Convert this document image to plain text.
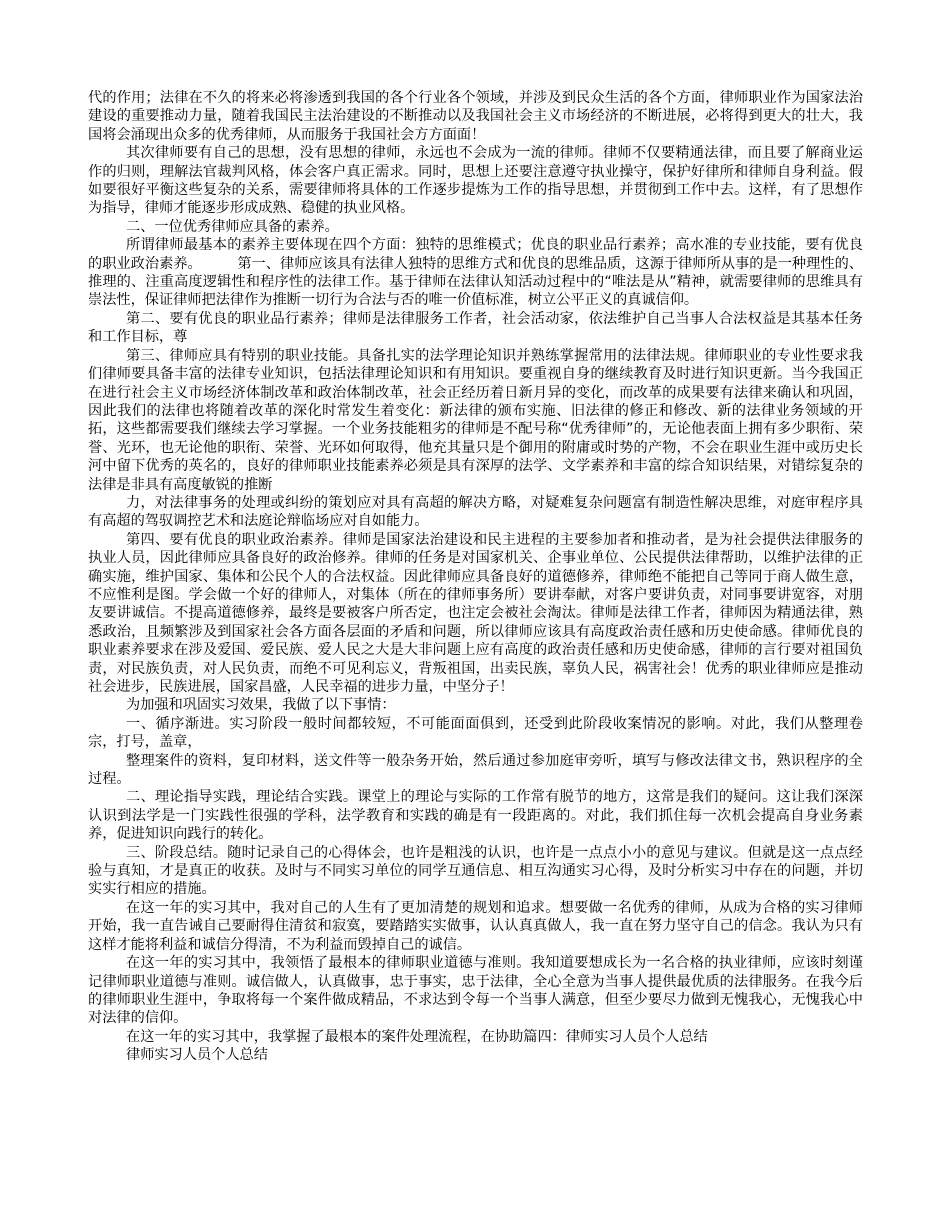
代的作用；法律在不久的将来必将渗透到我国的各个行业各个领域，并涉及到民众生活的各个方面，律师职业作为国家法治建设的重要推动力量，随着我国民主法治建设的不断推动以及我国社会主义市场经济的不断进展，必将得到更大的壮大，我国将会涌现出众多的优秀律师，从而服务于我国社会方方面面！

其次律师要有自己的思想，没有思想的律师，永远也不会成为一流的律师。律师不仅要精通法律，而且要了解商业运作的归则，理解法官裁判风格，体会客户真正需求。同时，思想上还要注意遵守执业操守，保护好律所和律师自身利益。假如要很好平衡这些复杂的关系，需要律师将具体的工作逐步提炼为工作的指导思想，并贯彻到工作中去。这样，有了思想作为指导，律师才能逐步形成成熟、稳健的执业风格。

二、一位优秀律师应具备的素养。

所谓律师最基本的素养主要体现在四个方面：独特的思维模式；优良的职业品行素养；高水准的专业技能，要有优良的职业政治素养。　　　第一、律师应该具有法律人独特的思维方式和优良的思维品质，这源于律师所从事的是一种理性的、推理的、注重高度逻辑性和程序性的法律工作。基于律师在法律认知活动过程中的“唯法是从”精神，就需要律师的思维具有崇法性，保证律师把法律作为推断一切行为合法与否的唯一价值标准，树立公平正义的真诚信仰。

第二、要有优良的职业品行素养；律师是法律服务工作者，社会活动家，依法维护自己当事人合法权益是其基本任务和工作目标，尊

第三、律师应具有特别的职业技能。具备扎实的法学理论知识并熟练掌握常用的法律法规。律师职业的专业性要求我们律师要具备丰富的法律专业知识，包括法律理论知识和有用知识。要重视自身的继续教育及时进行知识更新。当今我国正在进行社会主义市场经济体制改革和政治体制改革，社会正经历着日新月异的变化，而改革的成果要有法律来确认和巩固，因此我们的法律也将随着改革的深化时常发生着变化：新法律的颁布实施、旧法律的修正和修改、新的法律业务领域的开拓，这些都需要我们继续去学习掌握。一个业务技能粗劣的律师是不配号称“优秀律师”的，无论他表面上拥有多少职衔、荣誉、光环，也无论他的职衔、荣誉、光环如何取得，他充其量只是个御用的附庸或时势的产物，不会在职业生涯中或历史长河中留下优秀的英名的，良好的律师职业技能素养必须是具有深厚的法学、文学素养和丰富的综合知识结果，对错综复杂的法律是非具有高度敏锐的推断

力，对法律事务的处理或纠纷的策划应对具有高超的解决方略，对疑难复杂问题富有制造性解决思维，对庭审程序具有高超的驾驭调控艺术和法庭论辩临场应对自如能力。

第四、要有优良的职业政治素养。律师是国家法治建设和民主进程的主要参加者和推动者，是为社会提供法律服务的执业人员，因此律师应具备良好的政治修养。律师的任务是对国家机关、企事业单位、公民提供法律帮助，以维护法律的正确实施，维护国家、集体和公民个人的合法权益。因此律师应具备良好的道德修养，律师绝不能把自己等同于商人做生意，不应惟利是图。学会做一个好的律师人，对集体（所在的律师事务所）要讲奉献，对客户要讲负责，对同事要讲宽容，对朋友要讲诚信。不提高道德修养，最终是要被客户所否定，也注定会被社会淘汰。律师是法律工作者，律师因为精通法律，熟悉政治，且频繁涉及到国家社会各方面各层面的矛盾和问题，所以律师应该具有高度政治责任感和历史使命感。律师优良的职业素养要求在涉及爱国、爱民族、爱人民之大是大非问题上应有高度的政治责任感和历史使命感，律师的言行要对祖国负责，对民族负责，对人民负责，而绝不可见利忘义，背叛祖国，出卖民族，辜负人民，祸害社会！优秀的职业律师应是推动社会进步，民族进展，国家昌盛，人民幸福的进步力量，中坚分子！

为加强和巩固实习效果，我做了以下事情：

一、循序渐进。实习阶段一般时间都较短，不可能面面俱到，还受到此阶段收案情况的影响。对此，我们从整理卷宗，打号，盖章，

整理案件的资料，复印材料，送文件等一般杂务开始，然后通过参加庭审旁听，填写与修改法律文书，熟识程序的全过程。

二、理论指导实践，理论结合实践。课堂上的理论与实际的工作常有脱节的地方，这常是我们的疑问。这让我们深深认识到法学是一门实践性很强的学科，法学教育和实践的确是有一段距离的。对此，我们抓住每一次机会提高自身业务素养，促进知识向践行的转化。

三、阶段总结。随时记录自己的心得体会，也许是粗浅的认识，也许是一点点小小的意见与建议。但就是这一点点经验与真知，才是真正的收获。及时与不同实习单位的同学互通信息、相互沟通实习心得，及时分析实习中存在的问题，并切实实行相应的措施。

在这一年的实习其中，我对自己的人生有了更加清楚的规划和追求。想要做一名优秀的律师，从成为合格的实习律师开始，我一直告诫自己要耐得住清贫和寂寞，要踏踏实实做事，认认真真做人，我一直在努力坚守自己的信念。我认为只有这样才能将利益和诚信分得清，不为利益而毁掉自己的诚信。

在这一年的实习其中，我领悟了最根本的律师职业道德与准则。我知道要想成长为一名合格的执业律师，应该时刻谨记律师职业道德与准则。诚信做人，认真做事，忠于事实，忠于法律，全心全意为当事人提供最优质的法律服务。在我今后的律师职业生涯中，争取将每一个案件做成精品，不求达到令每一个当事人满意，但至少要尽力做到无愧我心，无愧我心中对法律的信仰。

在这一年的实习其中，我掌握了最根本的案件处理流程，在协助篇四：律师实习人员个人总结

律师实习人员个人总结
